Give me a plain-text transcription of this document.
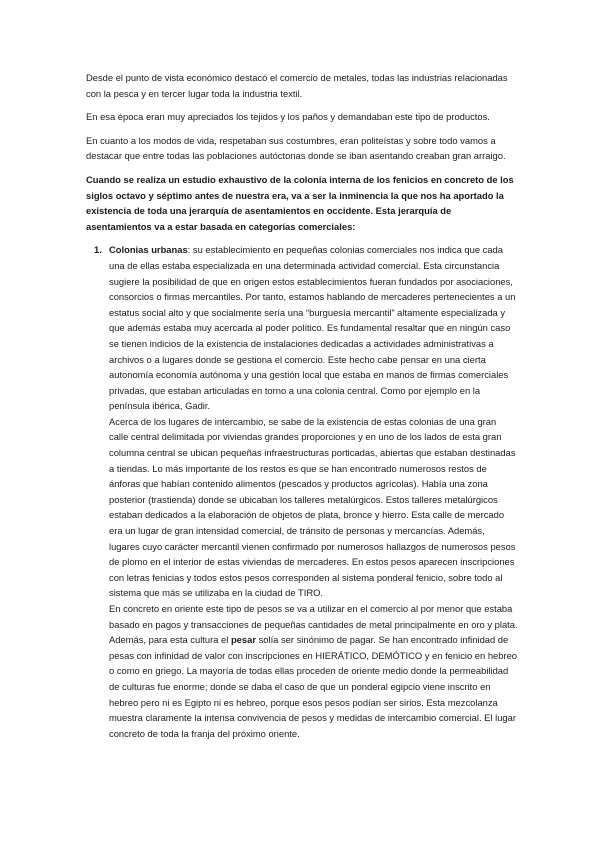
Desde el punto de vista económico destacó el comercio de metales, todas las industrias relacionadas con la pesca y en tercer lugar toda la industria textil.

En esa época eran muy apreciados los tejidos y los paños y demandaban este tipo de productos.

En cuanto a los modos de vida, respetaban sus costumbres, eran politeístas y sobre todo vamos a destacar que entre todas las poblaciones autóctonas donde se iban asentando creaban gran arraigo.

Cuando se realiza un estudio exhaustivo de la colonia interna de los fenicios en concreto de los siglos octavo y séptimo antes de nuestra era, va a ser la inminencia la que nos ha aportado la existencia de toda una jerarquía de asentamientos en occidente. Esta jerarquía de asentamientos va a estar basada en categorías comerciales:

1. Colonias urbanas: su establecimiento en pequeñas colonias comerciales nos indica que cada una de ellas estaba especializada en una determinada actividad comercial. Esta circunstancia sugiere la posibilidad de que en origen estos establecimientos fueran fundados por asociaciones, consorcios o firmas mercantiles. Por tanto, estamos hablando de mercaderes pertenecientes a un estatus social alto y que socialmente sería una “burguesía mercantil” altamente especializada y que además estaba muy acercada al poder político. Es fundamental resaltar que en ningún caso se tienen indicios de la existencia de instalaciones dedicadas a actividades administrativas a archivos o a lugares donde se gestiona el comercio. Este hecho cabe pensar en una cierta autonomía economía autónoma y una gestión local que estaba en manos de firmas comerciales privadas, que estaban articuladas en torno a una colonia central. Como por ejemplo en la península ibérica, Gadir.

Acerca de los lugares de intercambio, se sabe de la existencia de estas colonias de una gran calle central delimitada por viviendas grandes proporciones y en uno de los lados de esta gran columna central se ubican pequeñas infraestructuras porticadas, abiertas que estaban destinadas a tiendas. Lo más importante de los restos es que se han encontrado numerosos restos de ánforas que habían contenido alimentos (pescados y productos agrícolas). Había una zona posterior (trastienda) donde se ubicaban los talleres metalúrgicos. Estos talleres metalúrgicos estaban dedicados a la elaboración de objetos de plata, bronce y hierro. Esta calle de mercado era un lugar de gran intensidad comercial, de tránsito de personas y mercancías. Además, lugares cuyo carácter mercantil vienen confirmado por numerosos hallazgos de numerosos pesos de plomo en el interior de estas viviendas de mercaderes. En estos pesos aparecen inscripciones con letras fenicias y todos estos pesos corresponden al sistema ponderal fenicio, sobre todo al sistema que más se utilizaba en la ciudad de TIRO.

En concreto en oriente este tipo de pesos se va a utilizar en el comercio al por menor que estaba basado en pagos y transacciones de pequeñas cantidades de metal principalmente en oro y plata. Además, para esta cultura el pesar solía ser sinónimo de pagar. Se han encontrado infinidad de pesas con infinidad de valor con inscripciones en HIERÁTICO, DEMÓTICO y en fenicio en hebreo o como en griego. La mayoría de todas ellas proceden de oriente medio donde la permeabilidad de culturas fue enorme; donde se daba el caso de que un ponderal egipcio viene inscrito en hebreo pero ni es Egipto ni es hebreo, porque esos pesos podían ser sirios. Esta mezcolanza muestra claramente la intensa convivencia de pesos y medidas de intercambio comercial. El lugar concreto de toda la franja del próximo oriente.
